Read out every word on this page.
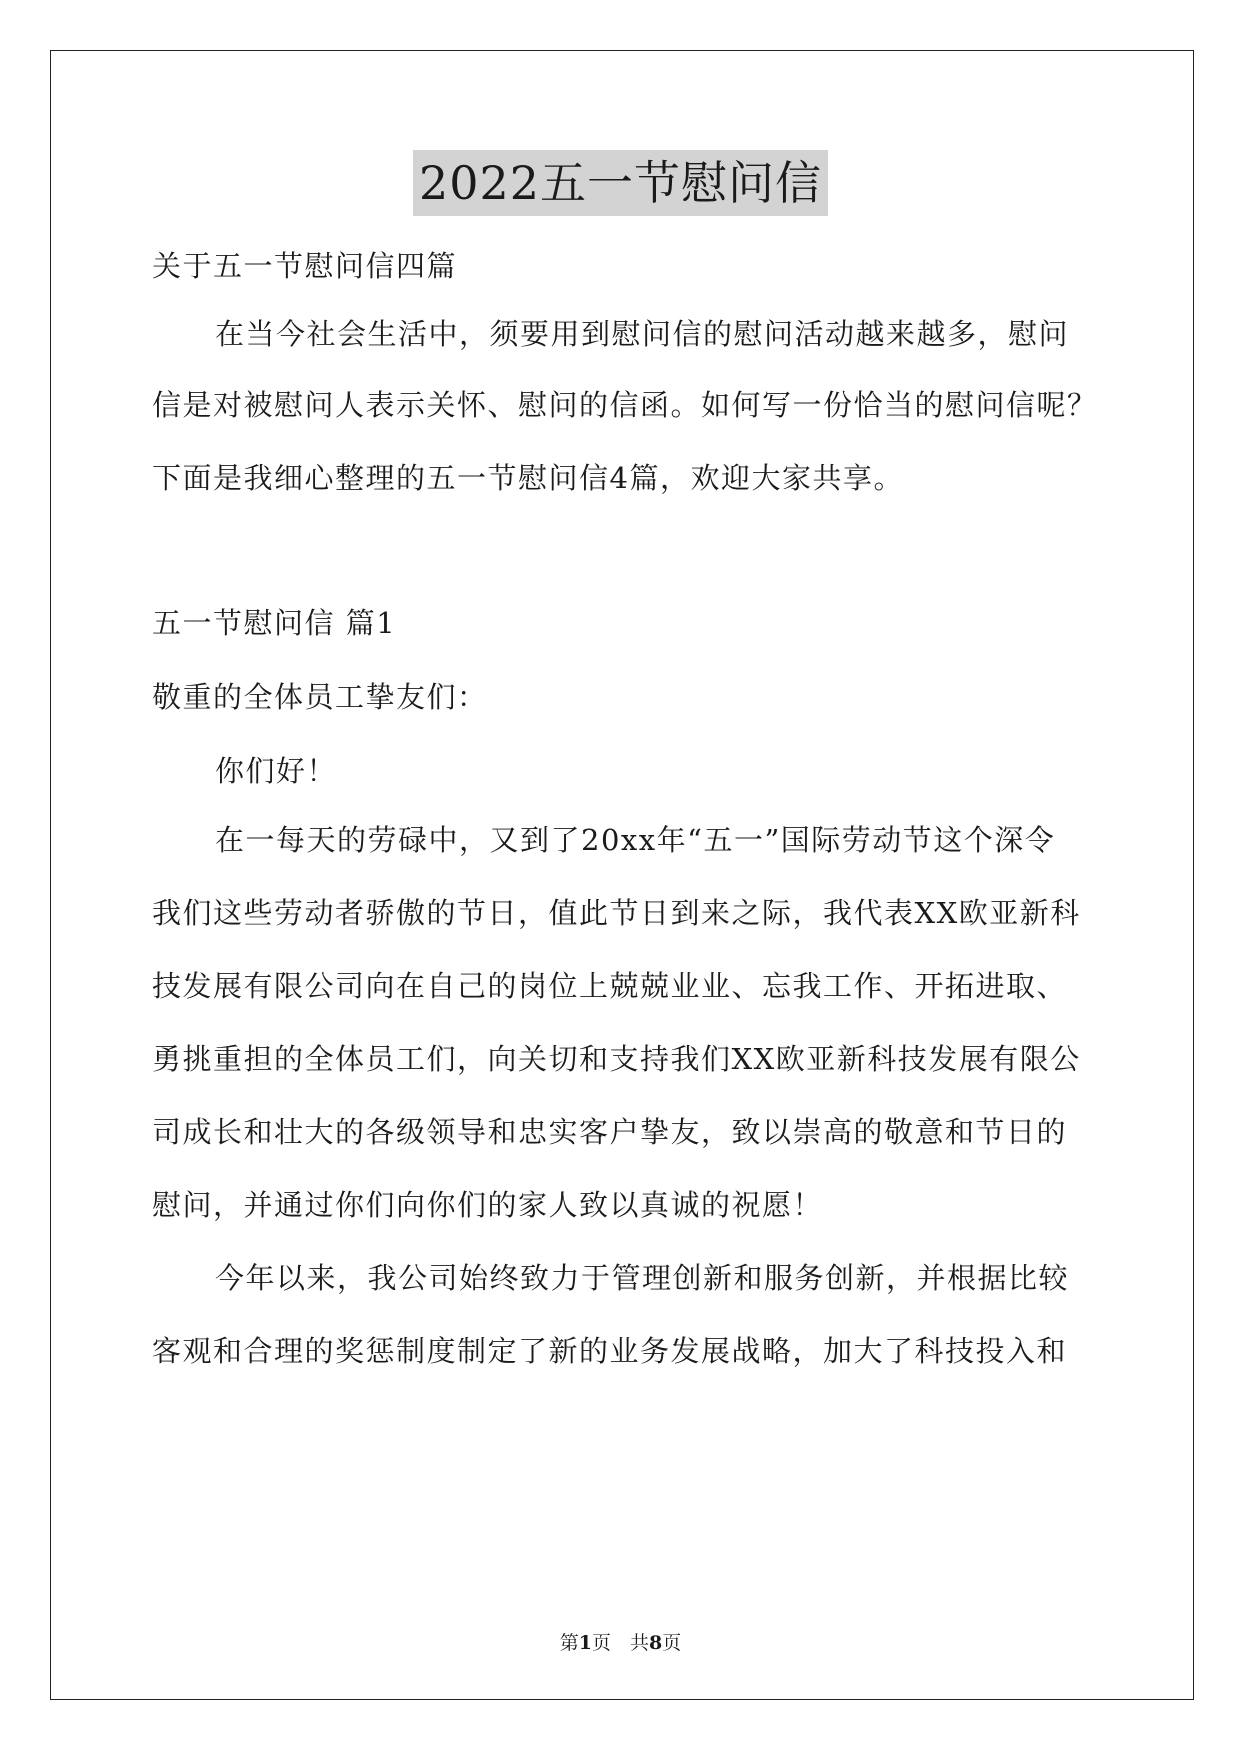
2022五一节慰问信
关于五一节慰问信四篇
在当今社会生活中，须要用到慰问信的慰问活动越来越多，慰问
信是对被慰问人表示关怀、慰问的信函。如何写一份恰当的慰问信呢？
下面是我细心整理的五一节慰问信4篇，欢迎大家共享。
五一节慰问信 篇1
敬重的全体员工挚友们：
你们好！
在一每天的劳碌中，又到了20xx年“五一”国际劳动节这个深令
我们这些劳动者骄傲的节日，值此节日到来之际，我代表XX欧亚新科
技发展有限公司向在自己的岗位上兢兢业业、忘我工作、开拓进取、
勇挑重担的全体员工们，向关切和支持我们XX欧亚新科技发展有限公
司成长和壮大的各级领导和忠实客户挚友，致以崇高的敬意和节日的
慰问，并通过你们向你们的家人致以真诚的祝愿！
今年以来，我公司始终致力于管理创新和服务创新，并根据比较
客观和合理的奖惩制度制定了新的业务发展战略，加大了科技投入和
第1页　共8页
